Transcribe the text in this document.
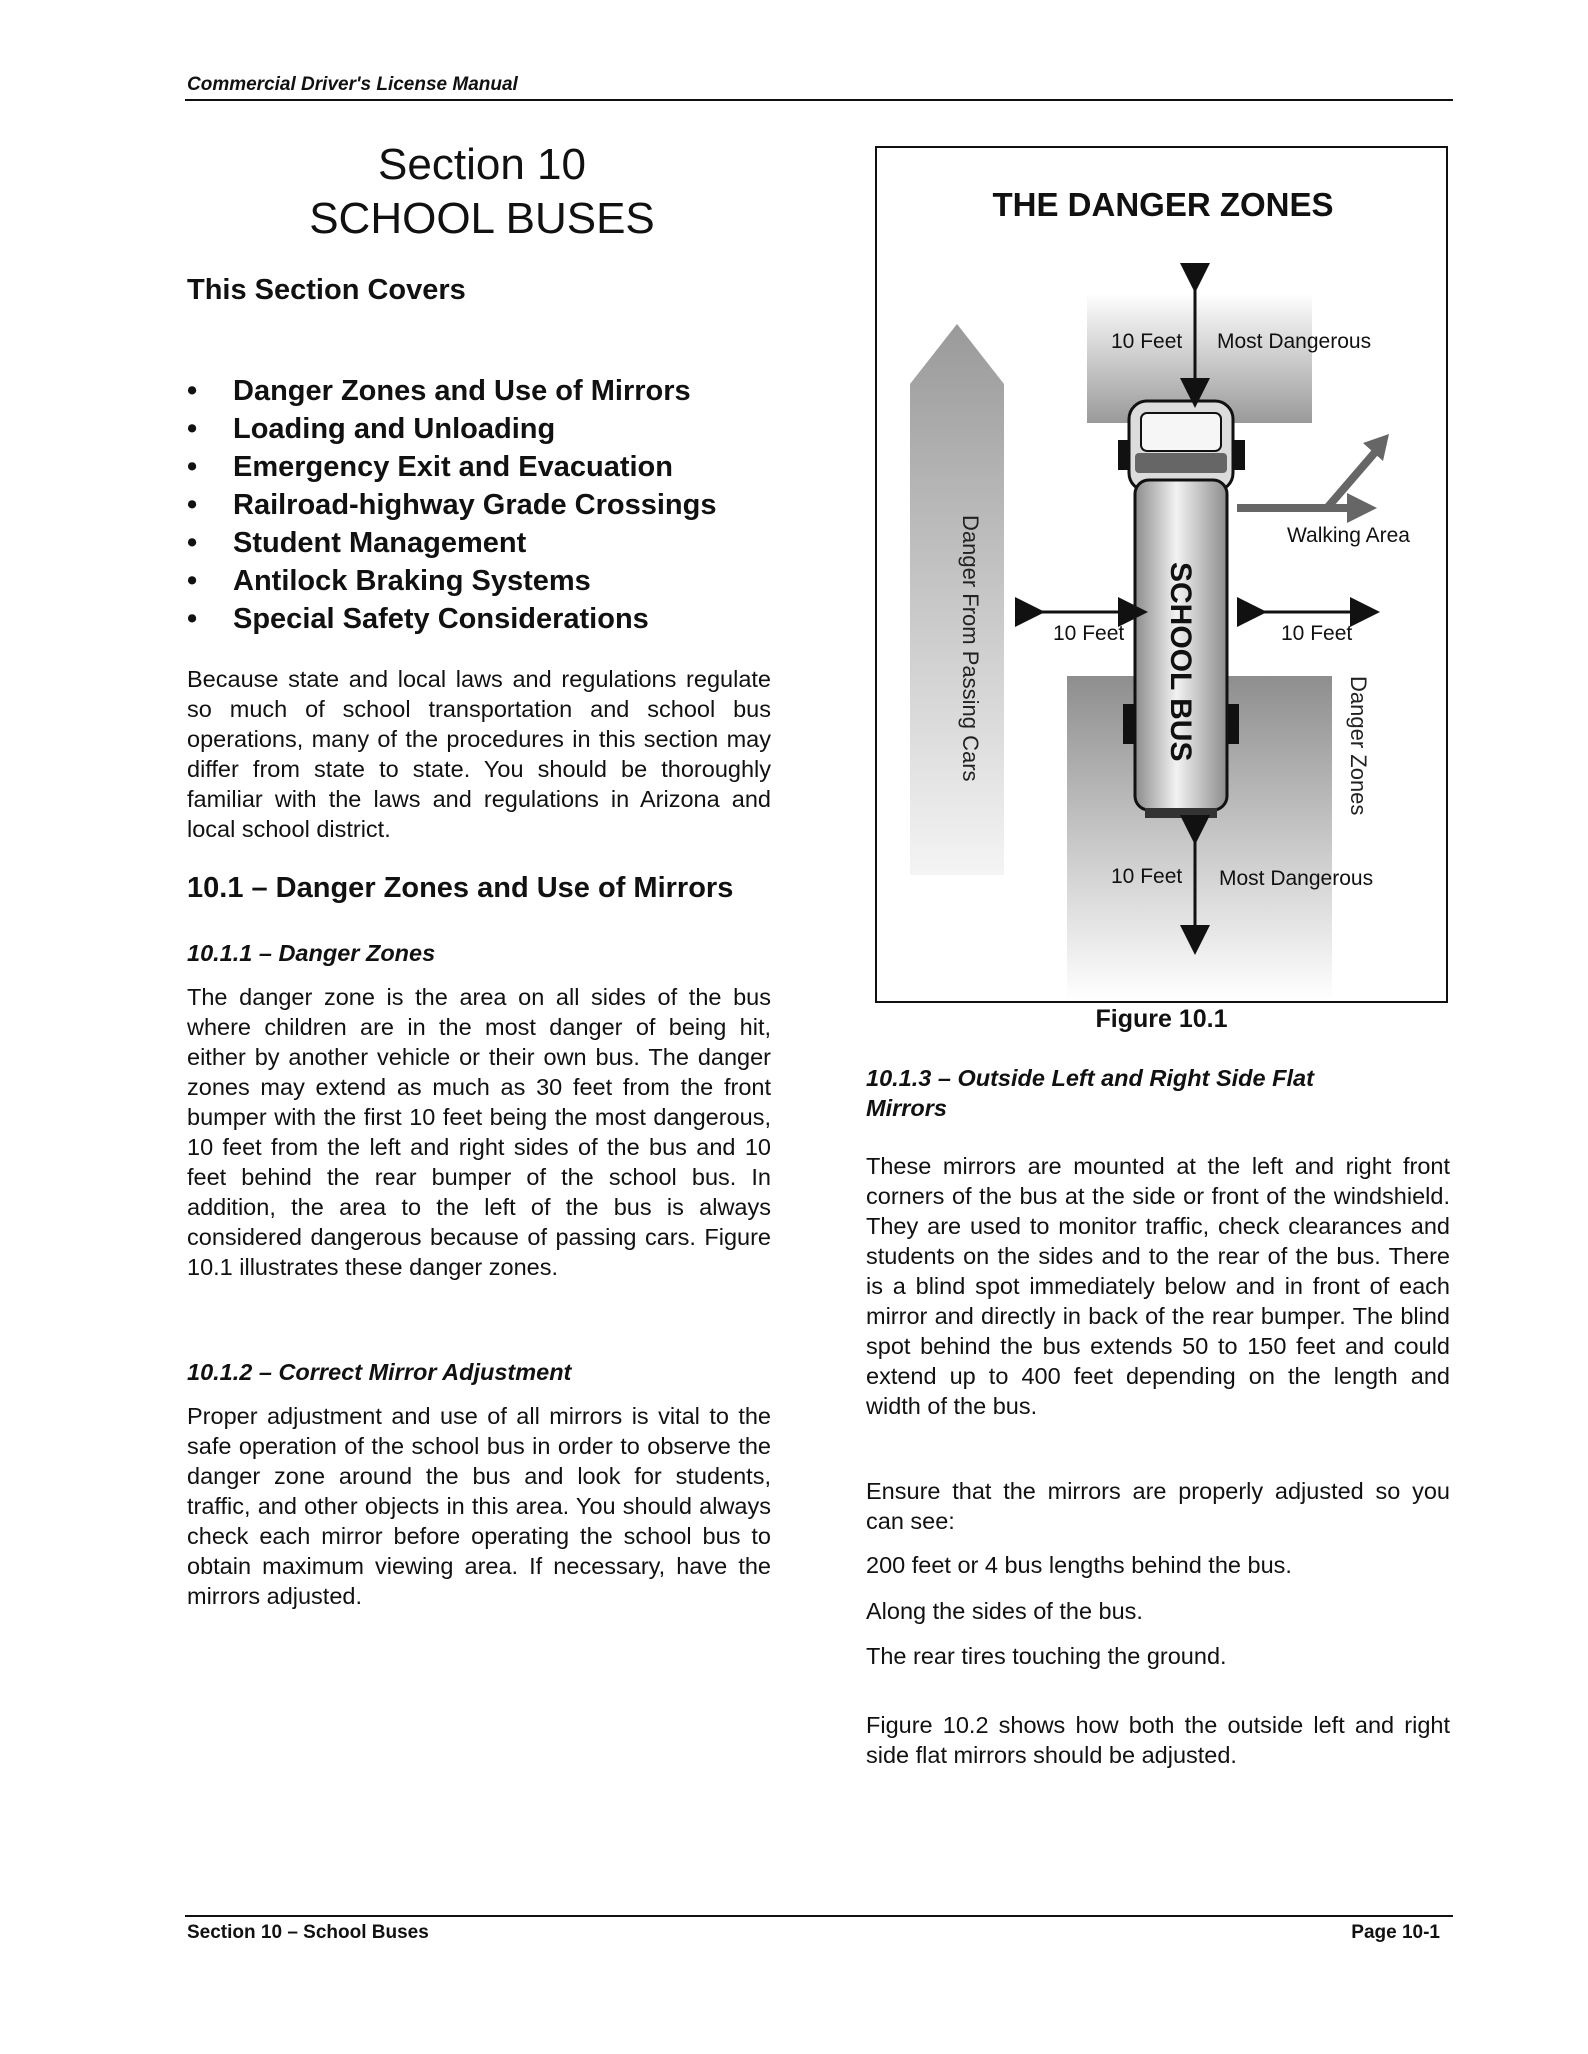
Commercial Driver's License Manual
Section 10
SCHOOL BUSES
This Section Covers
• Danger Zones and Use of Mirrors
• Loading and Unloading
• Emergency Exit and Evacuation
• Railroad-highway Grade Crossings
• Student Management
• Antilock Braking Systems
• Special Safety Considerations

Because state and local laws and regulations regulate so much of school transportation and school bus operations, many of the procedures in this section may differ from state to state. You should be thoroughly familiar with the laws and regulations in Arizona and local school district.

10.1 – Danger Zones and Use of Mirrors
10.1.1 – Danger Zones

The danger zone is the area on all sides of the bus where children are in the most danger of being hit, either by another vehicle or their own bus. The danger zones may extend as much as 30 feet from the front bumper with the first 10 feet being the most dangerous, 10 feet from the left and right sides of the bus and 10 feet behind the rear bumper of the school bus. In addition, the area to the left of the bus is always considered dangerous because of passing cars. Figure 10.1 illustrates these danger zones.

10.1.2 – Correct Mirror Adjustment

Proper adjustment and use of all mirrors is vital to the safe operation of the school bus in order to observe the danger zone around the bus and look for students, traffic, and other objects in this area. You should always check each mirror before operating the school bus to obtain maximum viewing area. If necessary, have the mirrors adjusted.

THE DANGER ZONES
10 Feet Most Dangerous
Walking Area
10 Feet	10 Feet
10 Feet Most Dangerous
Danger From Passing Cars	Danger Zones
SCHOOL BUS
Figure 10.1
10.1.3 – Outside Left and Right Side Flat Mirrors

These mirrors are mounted at the left and right front corners of the bus at the side or front of the windshield. They are used to monitor traffic, check clearances and students on the sides and to the rear of the bus. There is a blind spot immediately below and in front of each mirror and directly in back of the rear bumper. The blind spot behind the bus extends 50 to 150 feet and could extend up to 400 feet depending on the length and width of the bus.

Ensure that the mirrors are properly adjusted so you can see:

200 feet or 4 bus lengths behind the bus.

Along the sides of the bus.

The rear tires touching the ground.

Figure 10.2 shows how both the outside left and right side flat mirrors should be adjusted.

Section 10 – School Buses	Page 10-1
